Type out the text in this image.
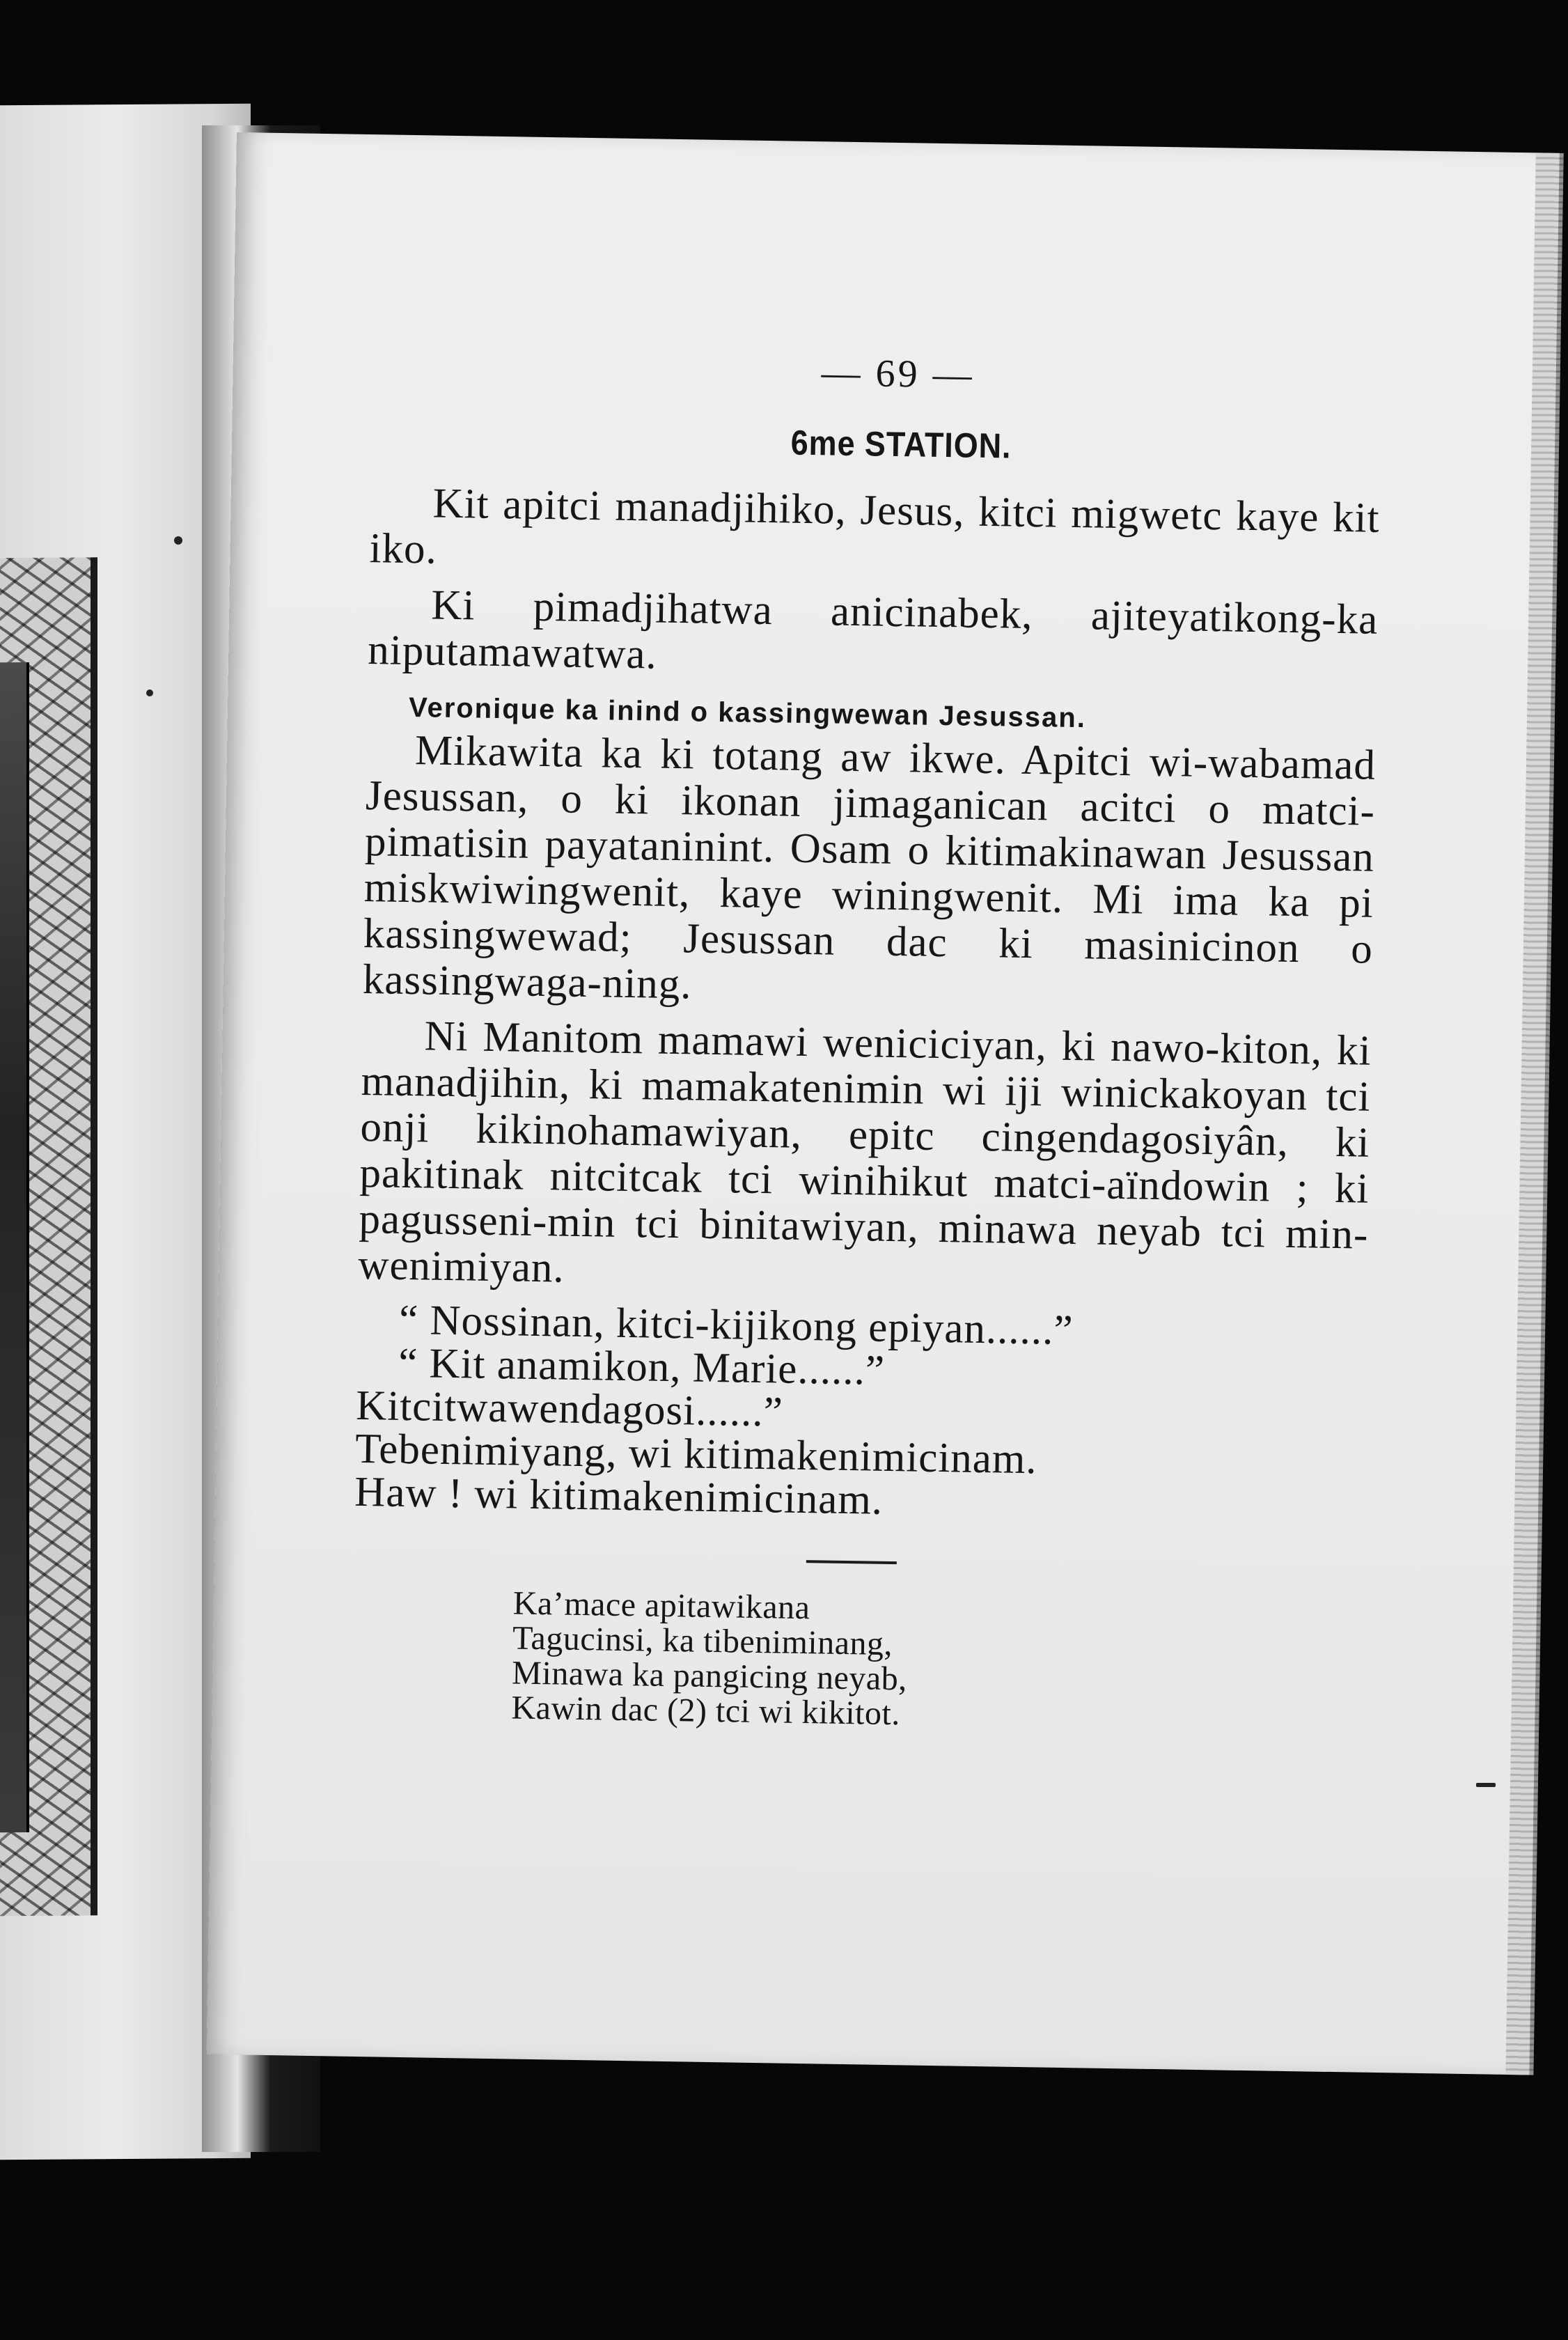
— 69 —
6me STATION.

Kit apitci manadjihiko, Jesus, kitci migwetc kaye kit iko.

Ki pimadjihatwa anicinabek, ajiteyatikong-ka niputamawatwa.

Veronique ka inind o kassingwewan Jesussan.

Mikawita ka ki totang aw ikwe. Apitci wi-wabamad Jesussan, o ki ikonan jimaganican acitci o matci-pimatisin payataninint. Osam o kitimakinawan Jesussan miskwiwingwenit, kaye winingwenit. Mi ima ka pi kassingwewad; Jesussan dac ki masinicinon o kassingwaga-ning.

Ni Manitom mamawi weniciciyan, ki nawo-kiton, ki manadjihin, ki mamakatenimin wi iji winickakoyan tci onji kikinohamawiyan, epitc cingendagosiyân, ki pakitinak nitcitcak tci winihikut matci-aïndowin ; ki pagusseni-min tci binitawiyan, minawa neyab tci min-wenimiyan.

“ Nossinan, kitci-kijikong epiyan......”

“ Kit anamikon, Marie......”

Kitcitwawendagosi......”

Tebenimiyang, wi kitimakenimicinam.

Haw ! wi kitimakenimicinam.

Ka’mace apitawikana

Tagucinsi, ka tibeniminang,

Minawa ka pangicing neyab,

Kawin dac (2) tci wi kikitot.
